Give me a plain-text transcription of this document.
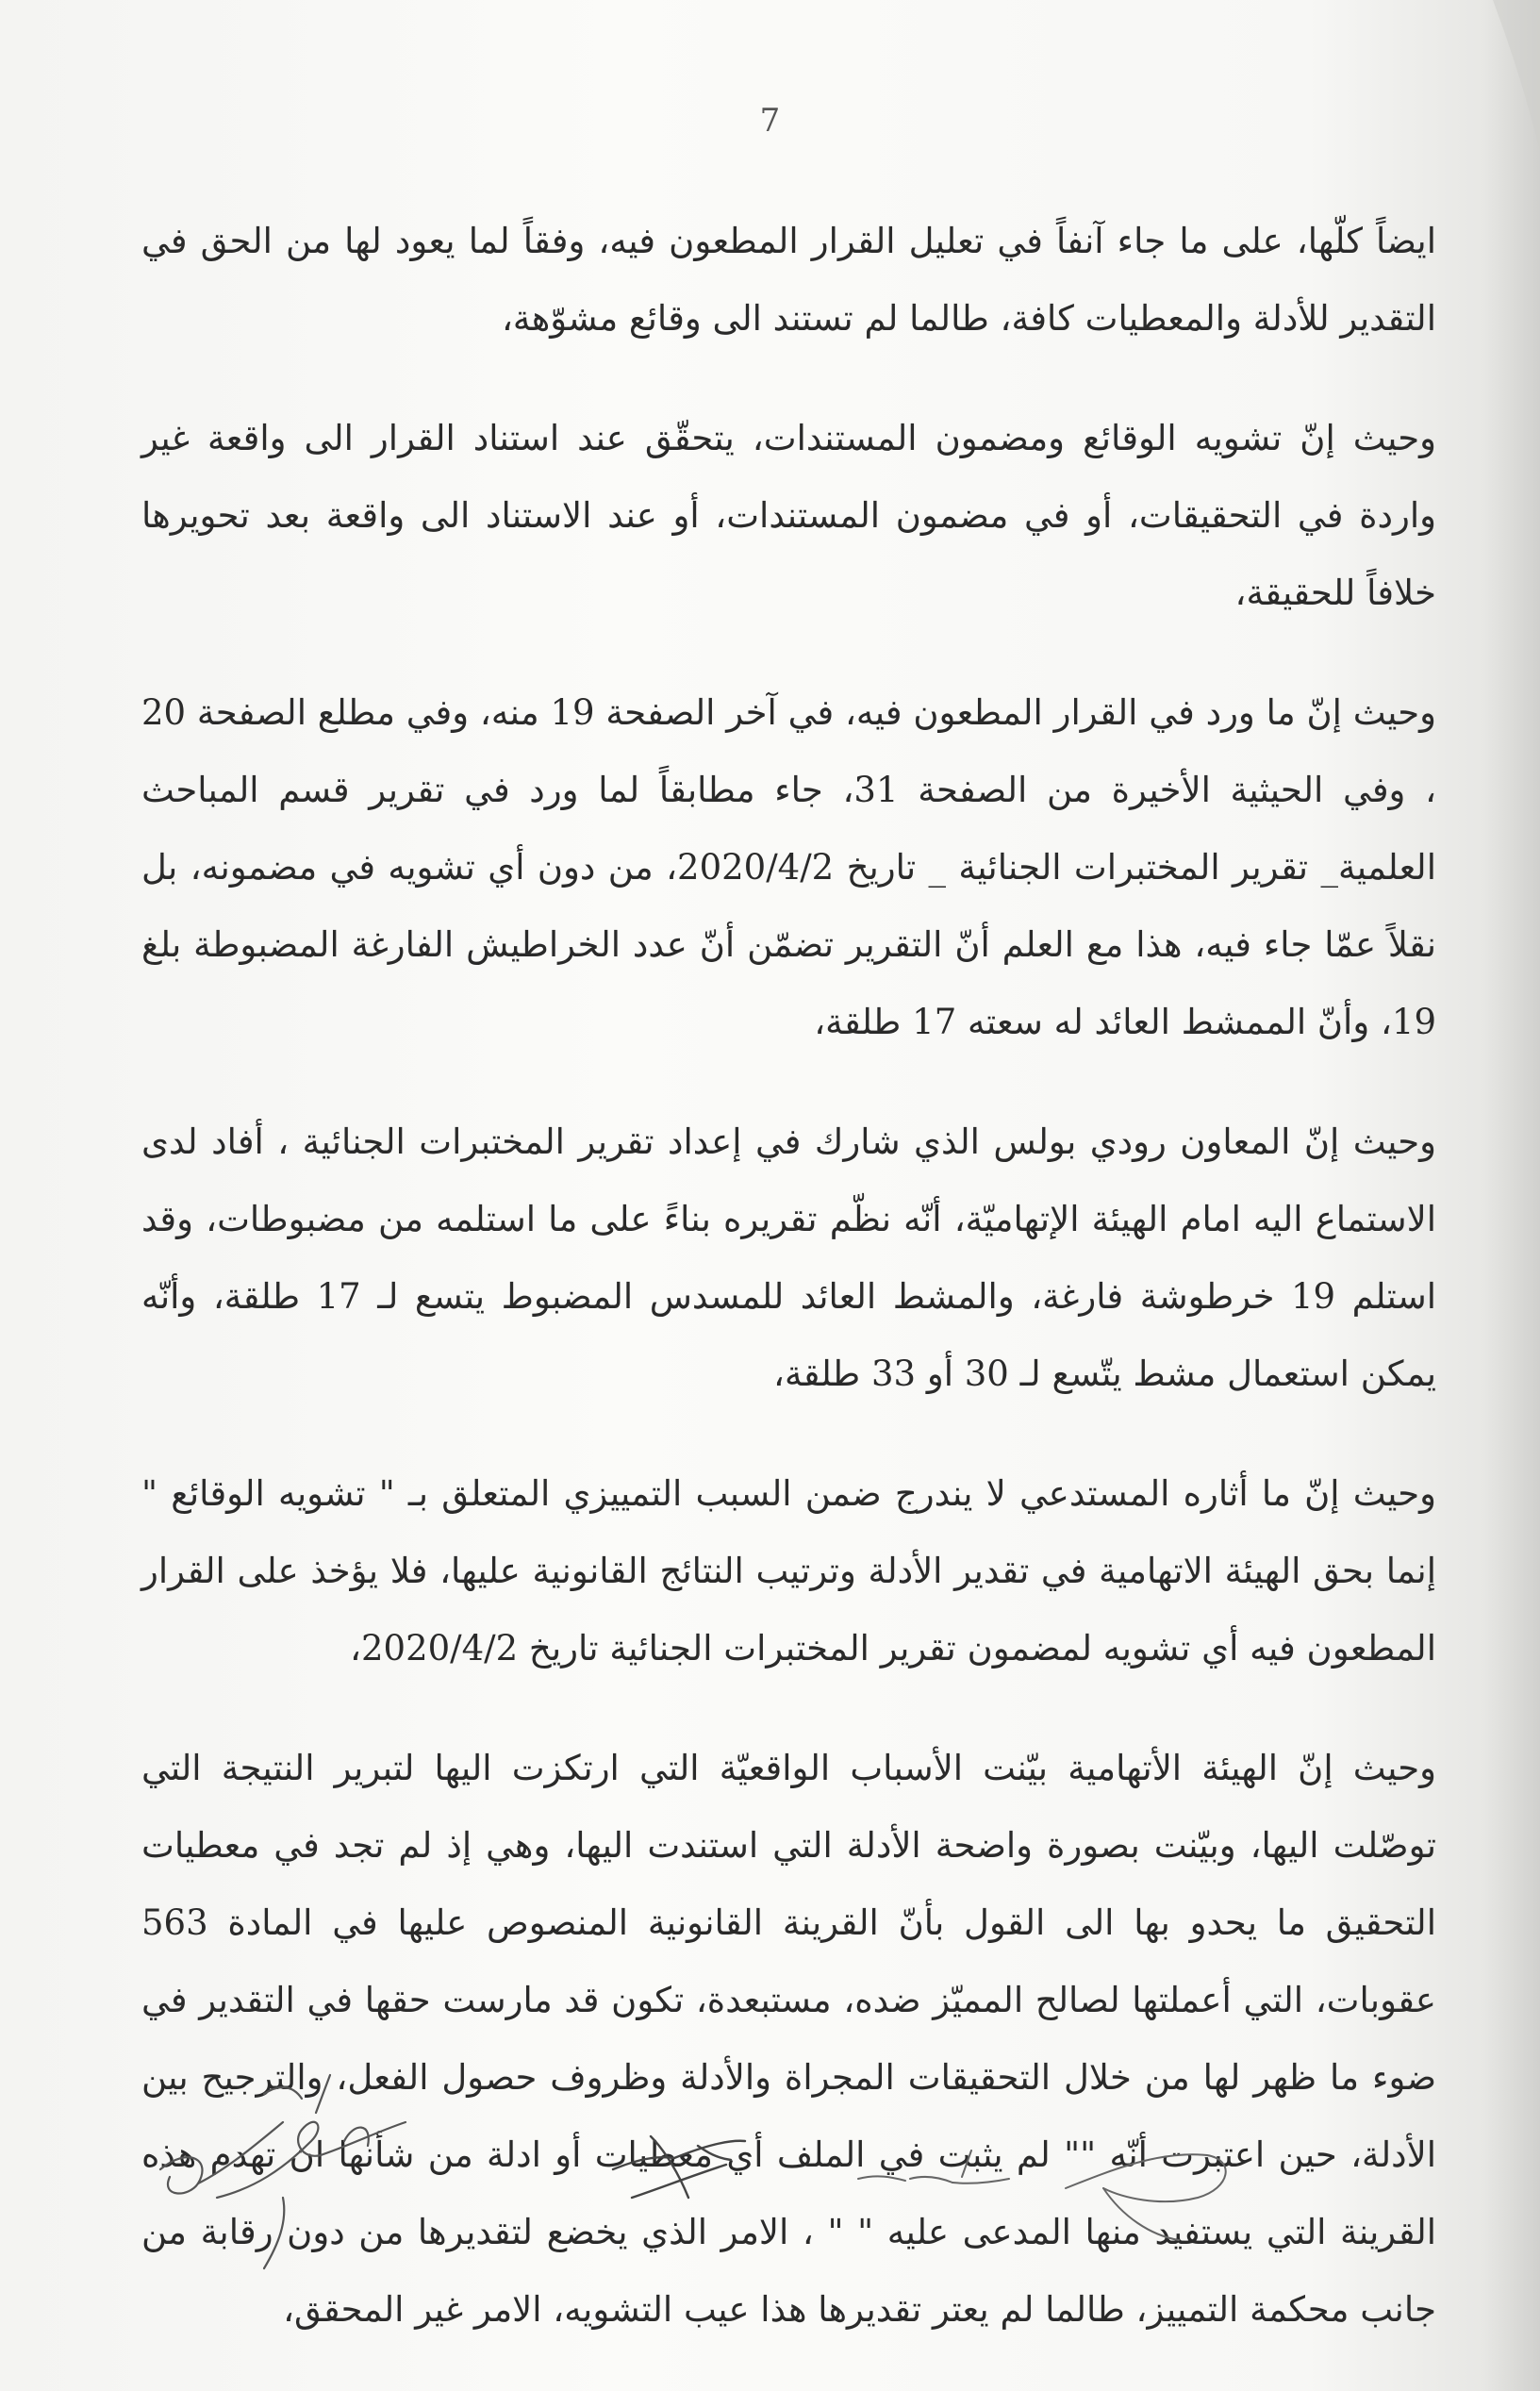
7

ايضاً كلّها، على ما جاء آنفاً في تعليل القرار المطعون فيه، وفقاً لما يعود لها من الحق في التقدير للأدلة والمعطيات كافة، طالما لم تستند الى وقائع مشوّهة،

وحيث إنّ تشويه الوقائع ومضمون المستندات، يتحقّق عند استناد القرار الى واقعة غير واردة في التحقيقات، أو في مضمون المستندات، أو عند الاستناد الى واقعة بعد تحويرها خلافاً للحقيقة،

وحيث إنّ ما ورد في القرار المطعون فيه، في آخر الصفحة 19 منه، وفي مطلع الصفحة 20 ، وفي الحيثية الأخيرة من الصفحة 31، جاء مطابقاً لما ورد في تقرير قسم المباحث العلمية_ تقرير المختبرات الجنائية _ تاريخ 2020/4/2، من دون أي تشويه في مضمونه، بل نقلاً عمّا جاء فيه، هذا مع العلم أنّ التقرير تضمّن أنّ عدد الخراطيش الفارغة المضبوطة بلغ 19، وأنّ الممشط العائد له سعته 17 طلقة،

وحيث إنّ المعاون رودي بولس الذي شارك في إعداد تقرير المختبرات الجنائية ، أفاد لدى الاستماع اليه امام الهيئة الإتهاميّة، أنّه نظّم تقريره بناءً على ما استلمه من مضبوطات، وقد استلم 19 خرطوشة فارغة، والمشط العائد للمسدس المضبوط يتسع لـ 17 طلقة، وأنّه يمكن استعمال مشط يتّسع لـ 30 أو 33 طلقة،

وحيث إنّ ما أثاره المستدعي لا يندرج ضمن السبب التمييزي المتعلق بـ " تشويه الوقائع " إنما بحق الهيئة الاتهامية في تقدير الأدلة وترتيب النتائج القانونية عليها، فلا يؤخذ على القرار المطعون فيه أي تشويه لمضمون تقرير المختبرات الجنائية تاريخ 2020/4/2،

وحيث إنّ الهيئة الأتهامية بيّنت الأسباب الواقعيّة التي ارتكزت اليها لتبرير النتيجة التي توصّلت اليها، وبيّنت بصورة واضحة الأدلة التي استندت اليها، وهي إذ لم تجد في معطيات التحقيق ما يحدو بها الى القول بأنّ القرينة القانونية المنصوص عليها في المادة 563 عقوبات، التي أعملتها لصالح المميّز ضده، مستبعدة، تكون قد مارست حقها في التقدير في ضوء ما ظهر لها من خلال التحقيقات المجراة والأدلة وظروف حصول الفعل، والترجيح بين الأدلة، حين اعتبرت أنّه "" لم يثبت في الملف أي معطيات أو ادلة من شأنها ان تهدم هذه القرينة التي يستفيد منها المدعى عليه " " ، الامر الذي يخضع لتقديرها من دون رقابة من جانب محكمة التمييز، طالما لم يعتر تقديرها هذا عيب التشويه، الامر غير المحقق،
